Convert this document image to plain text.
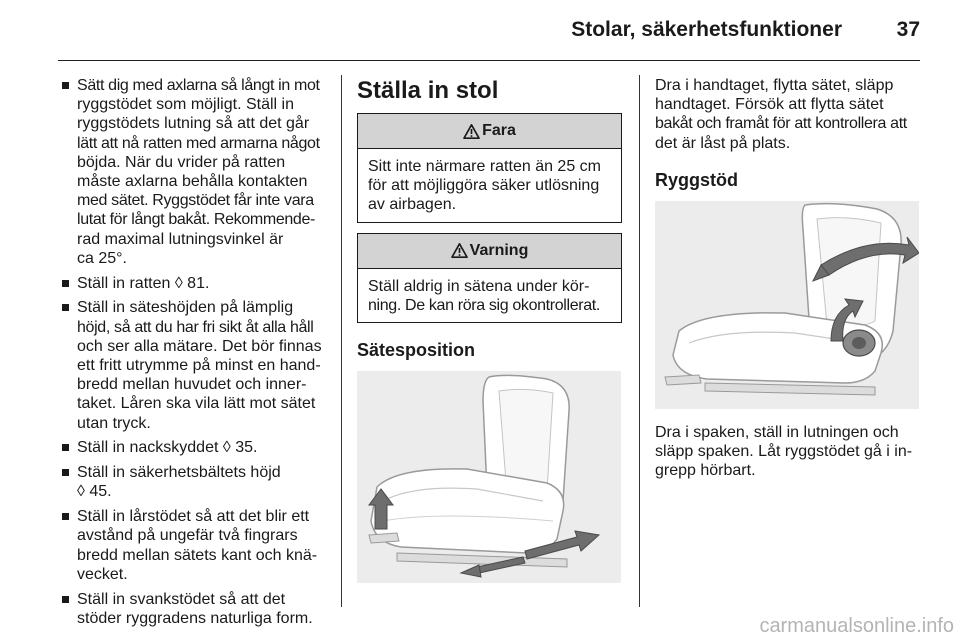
Stolar, säkerhetsfunktioner	37
Sätt dig med axlarna så långt in mot
ryggstödet som möjligt. Ställ in
ryggstödets lutning så att det går
lätt att nå ratten med armarna något
böjda. När du vrider på ratten
måste axlarna behålla kontakten
med sätet. Ryggstödet får inte vara
lutat för långt bakåt. Rekommende-
rad maximal lutningsvinkel är
ca 25°.
Ställ in ratten ◊ 81.
Ställ in säteshöjden på lämplig
höjd, så att du har fri sikt åt alla håll
och ser alla mätare. Det bör finnas
ett fritt utrymme på minst en hand-
bredd mellan huvudet och inner-
taket. Låren ska vila lätt mot sätet
utan tryck.
Ställ in nackskyddet ◊ 35.
Ställ in säkerhetsbältets höjd
◊ 45.
Ställ in lårstödet så att det blir ett
avstånd på ungefär två fingrars
bredd mellan sätets kant och knä-
vecket.
Ställ in svankstödet så att det
stöder ryggradens naturliga form.
Ställa in stol
Fara
Sitt inte närmare ratten än 25 cm
för att möjliggöra säker utlösning
av airbagen.
Varning
Ställ aldrig in sätena under kör-
ning. De kan röra sig okontrollerat.
Sätesposition
Dra i handtaget, flytta sätet, släpp
handtaget. Försök att flytta sätet
bakåt och framåt för att kontrollera att
det är låst på plats.
Ryggstöd
Dra i spaken, ställ in lutningen och
släpp spaken. Låt ryggstödet gå i in-
grepp hörbart.
carmanualsonline.info
